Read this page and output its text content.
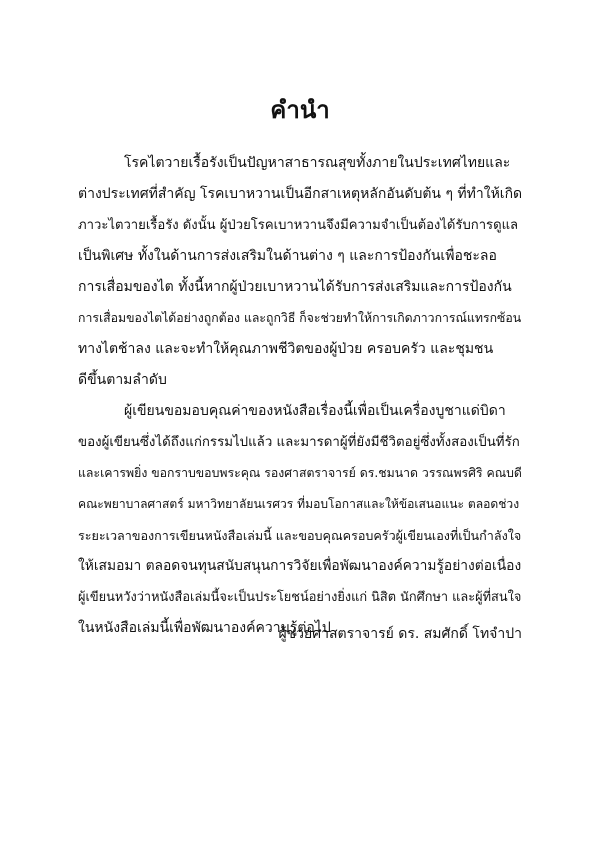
คำนำ
โรคไตวายเรื้อรังเป็นปัญหาสาธารณสุขทั้งภายในประเทศไทยและ
ต่างประเทศที่สำคัญ โรคเบาหวานเป็นอีกสาเหตุหลักอันดับต้น ๆ ที่ทำให้เกิด
ภาวะไตวายเรื้อรัง ดังนั้น ผู้ป่วยโรคเบาหวานจึงมีความจำเป็นต้องได้รับการดูแล
เป็นพิเศษ ทั้งในด้านการส่งเสริมในด้านต่าง ๆ และการป้องกันเพื่อชะลอ
การเสื่อมของไต ทั้งนี้หากผู้ป่วยเบาหวานได้รับการส่งเสริมและการป้องกัน
การเสื่อมของไตได้อย่างถูกต้อง และถูกวิธี ก็จะช่วยทำให้การเกิดภาวการณ์แทรกซ้อน
ทางไตช้าลง และจะทำให้คุณภาพชีวิตของผู้ป่วย ครอบครัว และชุมชน
ดีขึ้นตามลำดับ
ผู้เขียนขอมอบคุณค่าของหนังสือเรื่องนี้เพื่อเป็นเครื่องบูชาแด่บิดา
ของผู้เขียนซึ่งได้ถึงแก่กรรมไปแล้ว และมารดาผู้ที่ยังมีชีวิตอยู่ซึ่งทั้งสองเป็นที่รัก
และเคารพยิ่ง ขอกราบขอบพระคุณ รองศาสตราจารย์ ดร.ชมนาด วรรณพรศิริ คณบดี
คณะพยาบาลศาสตร์ มหาวิทยาลัยนเรศวร ที่มอบโอกาสและให้ข้อเสนอแนะ ตลอดช่วง
ระยะเวลาของการเขียนหนังสือเล่มนี้ และขอบคุณครอบครัวผู้เขียนเองที่เป็นกำลังใจ
ให้เสมอมา ตลอดจนทุนสนับสนุนการวิจัยเพื่อพัฒนาองค์ความรู้อย่างต่อเนื่อง
ผู้เขียนหวังว่าหนังสือเล่มนี้จะเป็นประโยชน์อย่างยิ่งแก่ นิสิต นักศึกษา และผู้ที่สนใจ
ในหนังสือเล่มนี้เพื่อพัฒนาองค์ความรู้ต่อไป
ผู้ช่วยศาสตราจารย์ ดร. สมศักดิ์ โทจำปา
